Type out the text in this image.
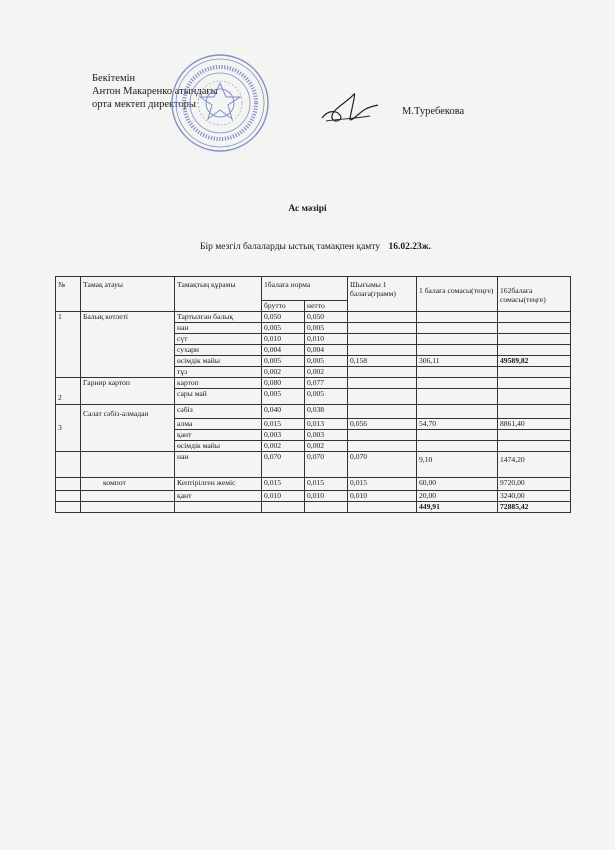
Бекітемін
Антон Макаренко атындағы
орта мектеп директоры
М.Туребекова
Ас мәзірі
Бір мезгіл балаларды ыстық тамақпен қамту 16.02.23ж.
№	Тамақ атауы	Тамақтың құрамы	1балаға норма		Шығымы 1 балаға(грамм)	1 балаға сомасы(теңге)	162балаға сомасы(теңге)
			брутто	нетто			
1	Балық котлеті	Тартылған балық	0,050	0,050			
		нан	0,005	0,005			
		сүт	0,010	0,010			
		сухари	0,004	0,004			
		өсімдік майы	0,005	0,005	0,158	306,11	49589,82
		тұз	0,002	0,002			
2	Гарнир картоп	картоп	0,080	0,077			
		сары май	0,005	0,005			
3	Салат сәбіз-алмадан	сәбіз	0,040	0,038			
		алма	0,015	0,013	0,056	54,70	8861,40
		қант	0,003	0,003			
		өсімдік майы	0,002	0,002			
		нан	0,070	0,070	0,070	9,10	1474,20
	компот	Кептірілген жеміс	0,015	0,015	0,015	60,00	9720,00
		қант	0,010	0,010	0,010	20,00	3240,00
						449,91	72885,42
